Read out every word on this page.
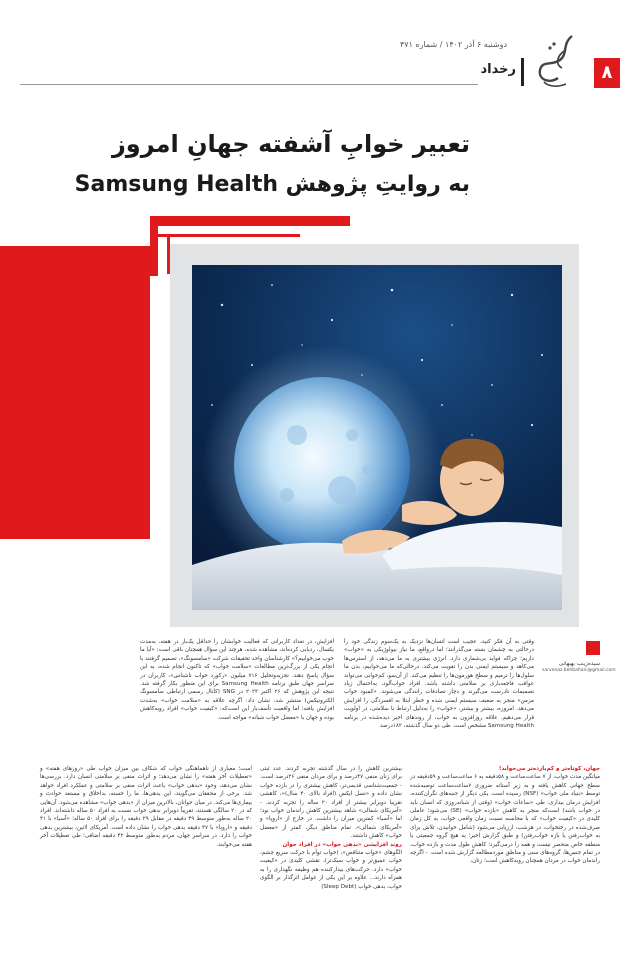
دوشنبه ۶ آذر ۱۴۰۲ / شماره ۴۷۱
۸
رخداد
تعبیر خوابِ آشفته جهانِ امروز
به روایتِ پژوهش Samsung Health
سیده‌زینب بهبهانی
sarvenaz.behbahani@gmail.com

وقتی به آن فکر کنید، عجیب است انسان‌ها نزدیک به یک‌سوم زندگی خود را درحالتی به چشمان بسته می‌گذرانند؛ اما درواقع، ما نیاز بیولوژیکی به «خواب» داریم؛ چراکه فواید بی‌شماری دارد. انرژی بیشتری به ما می‌دهد، از استرس‌ها می‌کاهد و سیستم ایمنی بدن را تقویت می‌کند. درحالی‌که ما می‌خوابیم، بدن ما سلول‌ها را ترمیم و سطح هورمون‌ها را تنظیم می‌کند. از آن‌سو، کم‌خوابی می‌تواند عواقب فاجعه‌باری بر سلامتی داشته باشد. افراد خواب‌آلود، به‌احتمال زیاد تصمیمات نادرست می‌گیرند و دچار تصادفات رانندگی می‌شوند. «کمبود خواب مزمن» منجر به ضعیف سیستم ایمنی شده و خطر ابتلا به افسردگی را افزایش می‌دهد. امروزه، بیشتر و بیشتر، «خواب» را به‌دلیل ارتباط با سلامتی، در اولویت قرار می‌دهیم. علاقه روزافزون به خواب، از روندهای اخیر دیده‌شده در برنامه Samsung Health مشخص است. طی دو سال گذشته، ۱۸۲درصد

افزایش، در تعداد کاربرانی که فعالیت خوابشان را حداقل یک‌بار در هفته، به‌مدت یکسال، ردیابی کرده‌اند، مشاهده شده، هرچند این سؤال همچنان باقی است: «آیا ما خوب می‌خوابیم؟» کارشناسان واحد تحقیقات شرکت «سامسونگ»، تصمیم گرفتند با انجام یکی از بزرگ‌ترین مطالعات «سلامت خواب» که تاکنون انجام شده، به این سؤال پاسخ دهند. تجزیه‌وتحلیل ۷۱۶ میلیون «رکورد خواب ناشناس»، کاربران در سراسر جهان طبق برنامه Samsung Health برای این منظور بکار گرفته شد. نتیجه این پژوهش که ۲۶ اکتبر ۲۰۲۳ در SNG (کانال رسمی ارتباطی سامسونگ الکترونیکس) منتشر شد، نشان داد: اگرچه علاقه به «سلامت خواب» به‌شدت افزایش یافته؛ اما واقعیت تأسف‌بار این است‌که: «کیفیت خواب» افراد رو‌به‌کاهش بوده و جهان با «معضل خواب شبانه» مواجه است.

جهان، کوتاه‌تر و کم‌بازده‌تر می‌خوابد!

میانگین مدت خواب، از ۷ ساعت‌ساعت و ۵۸دقیقه به ۶ ساعت‌ساعت و ۵۹دقیقه در سطح جهانی کاهش یافته و به زیر آستانه ضروری ۷ساعت‌ساعت توصیه‌شده توسط «بنیاد ملی خواب» (NSF) رسیده است. یکی دیگر از جنبه‌های نگران‌کننده، افزایش درمان بیداری: طی «ساعات خواب» (وقتی از شبانه‌روزی که انسان باید در خواب باشد) است‌که منجر به کاهش «بازده خواب» (SE) می‌شود؛ عاملی کلیدی در «کیفیت خواب» که با محاسبه نسبت زمان واقعی خواب، به کل زمان صرف‌شده در رختخواب، در هرشب، ارزیابی می‌شود (شامل خوابیدن، تلاش برای به خواب‌رفتن یا بازه خواب‌رفتن) و طبق گزارش اخیر؛ به هیچ گروه جمعیتی یا منطقه خاص منحصر نیست و همه را درمی‌گیرد؛ کاهش طول مدت و بازده خواب، در تمام جنس‌ها، گروه‌های سنی و مناطق موردمطالعه گزارش شده است. - اگرچه راندمان خواب در مردان همچنان روبه‌کاهش است؛ زنان،

بیشترین کاهش را در سال گذشته تجربه کردند. عدد ثبتی برای زنان منفی ۴۷درصد و برای مردان منفی ۲۶درصد است. - جمعیت‌شناسی قدیمی‌تر، کاهش بیشتری را در بازده خواب نشان داده و «نسل ایکس (افراد بالای ۴۰ سال)»، کاهشی تقریبا دوبرابر بیشتر از افراد ۲۰ ساله را تجربه کردند. - «آمریکای شمالی» شاهد بیشترین کاهش راندمان خواب بود؛ اما «آسیا» کمترین میزان را داشت. در خارج از «اروپا» و «آمریکای شمالی»، تمام مناطق دیگر، کمتر از «معضل خواب» کاهش داشتند.

روند افزایشی «بدهی خواب» در افراد جوان

الگوهای «خواب متناقض»، (خواب توأم با حرکت سریع چشم، خواب عمیق‌تر و خواب سبک‌تر)، نقشی کلیدی در «کیفیت خواب» دارد. حرکت‌های بیدارکننده هم وظیفه نگهداری را به همراه دارند... علاوه بر این یکی از عوامل اثرگذار بر الگوی خواب، بدهی خواب (Sleep Debt)

است؛ معیاری از ناهماهنگی خواب که شکاف بین میزان خواب طی «روزهای هفته» و «تعطیلات آخر هفته» را نشان می‌دهد؛ و اثرات منفی بر سلامتی انسان دارد. بررسی‌ها نشان می‌دهد، وجود «بدهی خواب» باعث اثرات منفی بر سلامتی و عملکرد افراد خواهد شد. برخی از محققان می‌گویند، این بدهی‌ها، ما را خسته، بداخلاق و مستعد حوادث و بیماری‌ها می‌کند. در میان جوانان، بالاترین میزان از «بدهی خواب» مشاهده می‌شود. آن‌هایی که در ۲۰ سالگی هستند، تقریباً دوبرابر بدهی خواب نسبت به افراد ۵۰ ساله داشته‌اند. افراد ۲۰ ساله به‌طور متوسط ۴۹ دقیقه در مقابل ۲۹ دقیقه را برای افراد ۵۰ ساله؛ «آسیا» با ۴۱ دقیقه و «اروپا» با ۴۷ دقیقه بدهی خواب را نشان داده است. آمریکای لاتین، بیشترین بدهی خواب را دارد. در سراسر جهان، مردم به‌طور متوسط ۴۲ دقیقه اضافی؛ طی تعطیلات آخر هفته می‌خوابند.
